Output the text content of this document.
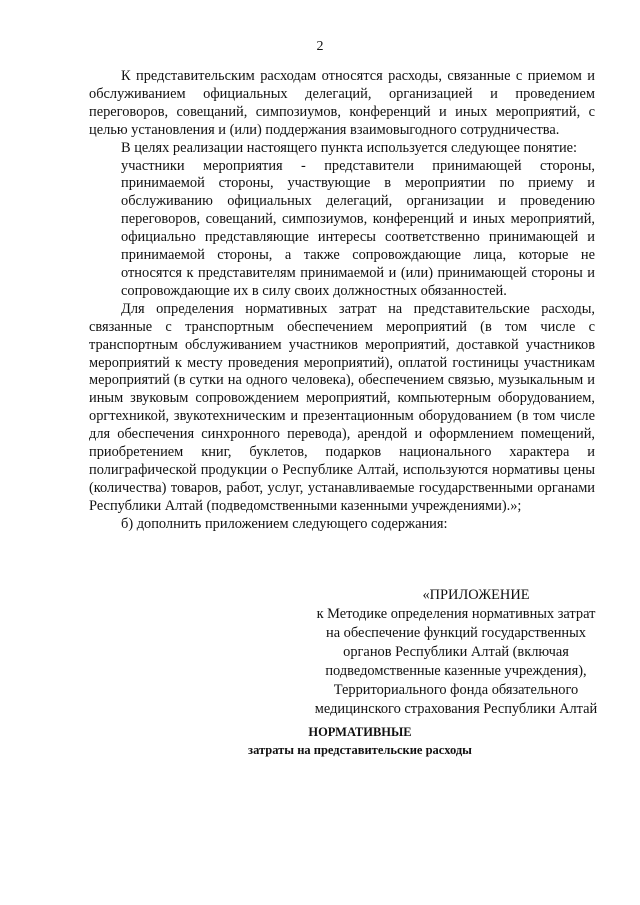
2

К представительским расходам относятся расходы, связанные с приемом и обслуживанием официальных делегаций, организацией и проведением переговоров, совещаний, симпозиумов, конференций и иных мероприятий, с целью установления и (или) поддержания взаимовыгодного сотрудничества.

В целях реализации настоящего пункта используется следующее понятие:

участники мероприятия - представители принимающей стороны, принимаемой стороны, участвующие в мероприятии по приему и обслуживанию официальных делегаций, организации и проведению переговоров, совещаний, симпозиумов, конференций и иных мероприятий, официально представляющие интересы соответственно принимающей и принимаемой стороны, а также сопровождающие лица, которые не относятся к представителям принимаемой и (или) принимающей стороны и сопровождающие их в силу своих должностных обязанностей.

Для определения нормативных затрат на представительские расходы, связанные с транспортным обеспечением мероприятий (в том числе с транспортным обслуживанием участников мероприятий, доставкой участников мероприятий к месту проведения мероприятий), оплатой гостиницы участникам мероприятий (в сутки на одного человека), обеспечением связью, музыкальным и иным звуковым сопровождением мероприятий, компьютерным оборудованием, оргтехникой, звукотехническим и презентационным оборудованием (в том числе для обеспечения синхронного перевода), арендой и оформлением помещений, приобретением книг, буклетов, подарков национального характера и полиграфической продукции о Республике Алтай, используются нормативы цены (количества) товаров, работ, услуг, устанавливаемые государственными органами Республики Алтай (подведомственными казенными учреждениями).»;

б) дополнить приложением следующего содержания:

«ПРИЛОЖЕНИЕ
к Методике определения нормативных затрат
на обеспечение функций государственных
органов Республики Алтай (включая
подведомственные казенные учреждения),
Территориального фонда обязательного
медицинского страхования Республики Алтай
НОРМАТИВНЫЕ
затраты на представительские расходы
